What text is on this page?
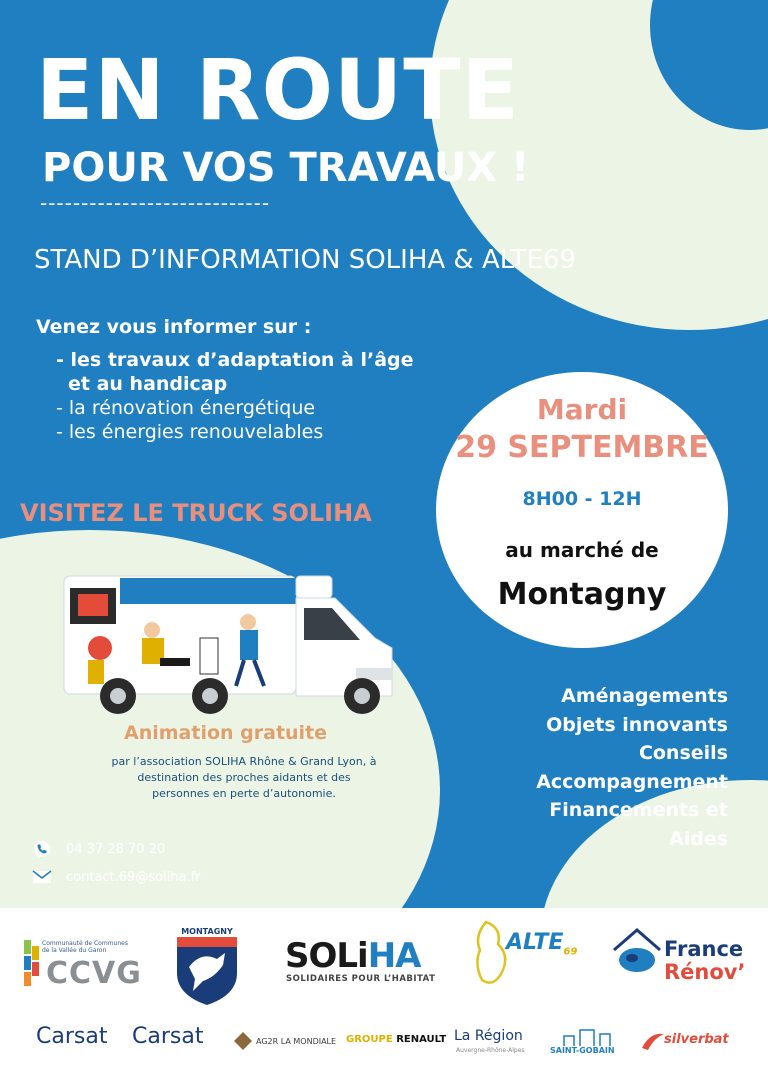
EN ROUTE
POUR VOS TRAVAUX !
----------------------------
STAND D’INFORMATION SOLIHA & ALTE69
Venez vous informer sur :
- les travaux d’adaptation à l’âge
et au handicap
- la rénovation énergétique
- les énergies renouvelables
VISITEZ LE TRUCK SOLIHA
Mardi
29 SEPTEMBRE
8H00 - 12H
au marché de
Montagny
Animation gratuite
par l’association SOLIHA Rhône & Grand Lyon, à destination des proches aidants et des personnes en perte d’autonomie.
Aménagements
Objets innovants
Conseils
Accompagnement
Financements et
Aides
04 37 28 70 20
contact.69@soliha.fr
Communauté de Communes de la Vallée du Garon
CCVG
MONTAGNY
SOLiHA
SOLIDAIRES POUR L’HABITAT
$ALTE_{69}$	France
Rénov’
Carsat Carsat	AG2R LA MONDIALE GROUPE RENAULT La Région
Auvergne-Rhône-Alpes	SAINT-GOBAIN
silverbat
